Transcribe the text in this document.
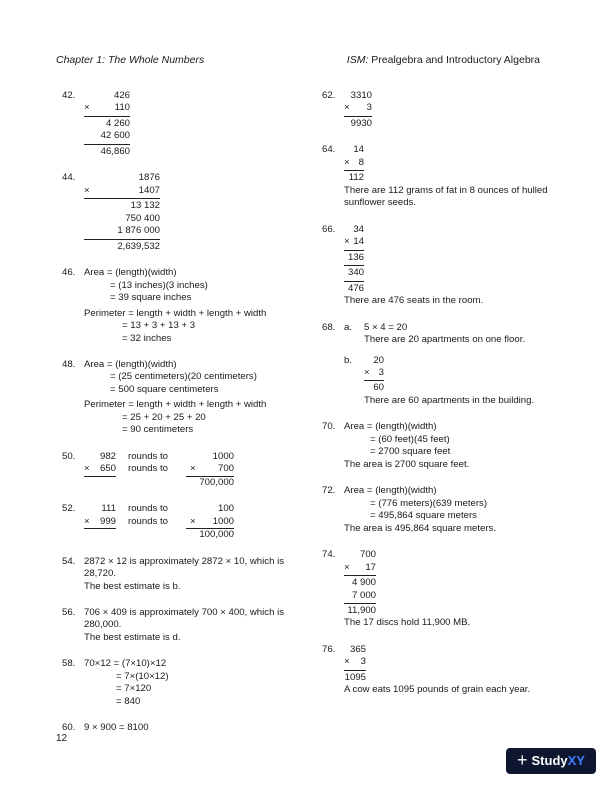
Chapter 1: The Whole Numbers	ISM: Prealgebra and Introductory Algebra
42.	426
×	110
4 260
42 600
46,860
44.	1876
×	1407
13 132
750 400
1 876 000
2,639,532
46. Area = (length)(width)
= (13 inches)(3 inches)
= 39 square inches
Perimeter = length + width + length + width
= 13 + 3 + 13 + 3
= 32 inches
48. Area = (length)(width)
= (25 centimeters)(20 centimeters)
= 500 square centimeters
Perimeter = length + width + length + width
= 25 + 20 + 25 + 20
= 90 centimeters
50.	982	rounds to	1000
× 650	rounds to	× 700
700,000
52.	111	rounds to	100
× 999	rounds to	× 1000
100,000
54. 2872 × 12 is approximately 2872 × 10, which is
28,720.
The best estimate is b.
56. 706 × 409 is approximately 700 × 400, which is
280,000.
The best estimate is d.
58. 70×12 = (7×10)×12
= 7×(10×12)
= 7×120
= 840
60. 9 × 900 = 8100
62.	3310
×	3
9930
64.	14
× 8
112
There are 112 grams of fat in 8 ounces of hulled
sunflower seeds.
66.	34
× 14
136
340
476
There are 476 seats in the room.
68. a. 5 × 4 = 20
There are 20 apartments on one floor.
b.	20
× 3
60
There are 60 apartments in the building.
70. Area = (length)(width)
= (60 feet)(45 feet)
= 2700 square feet
The area is 2700 square feet.
72. Area = (length)(width)
= (776 meters)(639 meters)
= 495,864 square meters
The area is 495,864 square meters.
74.	700
×	17
4 900
7 000
11,900
The 17 discs hold 11,900 MB.
76.	365
×	3
1095
A cow eats 1095 pounds of grain each year.
12
+ Study XY
